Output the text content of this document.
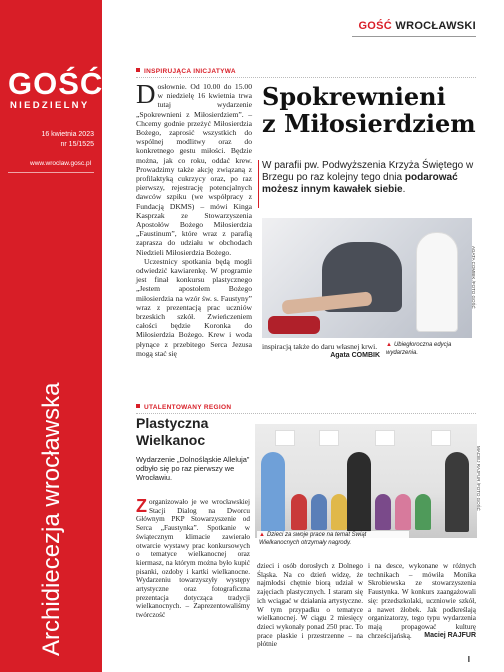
GOŚĆ
NIEDZIELNY
16 kwietnia 2023
nr 15/1525
www.wroclaw.gosc.pl
Archidiecezja wrocławska
GOŚĆ WROCŁAWSKI
INSPIRUJĄCA INICJATYWA

Dosłownie. Od 10.00 do 15.00 w niedzielę 16 kwietnia trwa tutaj wydarzenie „Spokrewnieni z Miłosierdziem”. – Chcemy godnie przeżyć Miłosierdzia Bożego, zaprosić wszystkich do wspólnej modlitwy oraz do konkretnego gestu miłości. Będzie można, jak co roku, oddać krew. Prowadzimy także akcję związaną z profilaktyką cukrzycy oraz, po raz pierwszy, rejestrację potencjalnych dawców szpiku (we współpracy z Fundacją DKMS) – mówi Kinga Kasprzak ze Stowarzyszenia Apostołów Bożego Miłosierdzia „Faustinum”, które wraz z parafią zaprasza do udziału w obchodach Niedzieli Miłosierdzia Bożego.

Uczestnicy spotkania będą mogli odwiedzić kawiarenkę. W programie jest finał konkursu plastycznego „Jestem apostołem Bożego miłosierdzia na wzór św. s. Faustyny” wraz z prezentacją prac uczniów brzeskich szkół. Zwieńczeniem całości będzie Koronka do Miłosierdzia Bożego. Krew i woda płynące z przebitego Serca Jezusa mogą stać się

Spokrewnieni
z Miłosierdziem
W parafii pw. Podwyższenia Krzyża Świętego w Brzegu po raz kolejny tego dnia podarować możesz innym kawałek siebie.
AGATA COMBIK /FOTO GOŚĆ
inspiracją także do daru własnej krwi.
Agata COMBIK
▲ Ubiegłoroczna edycja wydarzenia.
UTALENTOWANY REGION
Plastyczna
Wielkanoc
Wydarzenie „Dolnośląskie Alleluja” odbyło się po raz pierwszy we Wrocławiu.
Zorganizowało je we wrocławskiej Stacji Dialog na Dworcu Głównym PKP Stowarzyszenie od Serca „Faustynka”. Spotkanie w świątecznym klimacie zawierało otwarcie wystawy prac konkursowych o tematyce wielkanocnej oraz kiermasz, na którym można było kupić pisanki, ozdoby i kartki wielkanocne. Wydarzeniu towarzyszyły występy artystyczne oraz fotograficzna prezentacja dotycząca tradycji wielkanocnych. – Zaprezentowaliśmy twórczość
MACIEJ RAJFUR /FOTO GOŚĆ
▲ Dzieci za swoje prace na temat Świąt Wielkanocnych otrzymały nagrody.
dzieci i osób dorosłych z Dolnego Śląska. Na co dzień widzę, że najmłodsi chętnie biorą udział w zajęciach plastycznych. I staram się ich wciągać w działania artystyczne. W tym przypadku o tematyce wielkanocnej. W ciągu 2 miesięcy dzieci wykonały ponad 250 prac. To prace płaskie i przestrzenne – na płótnie
i na desce, wykonane w różnych technikach – mówiła Monika Skrobiewska ze stowarzyszenia Faustynka. W konkurs zaangażowali się: przedszkolaki, uczniowie szkół, a nawet żłobek. Jak podkreślają organizatorzy, tego typu wydarzenia mają propagować kulturę chrześcijańską. Maciej RAJFUR
I
